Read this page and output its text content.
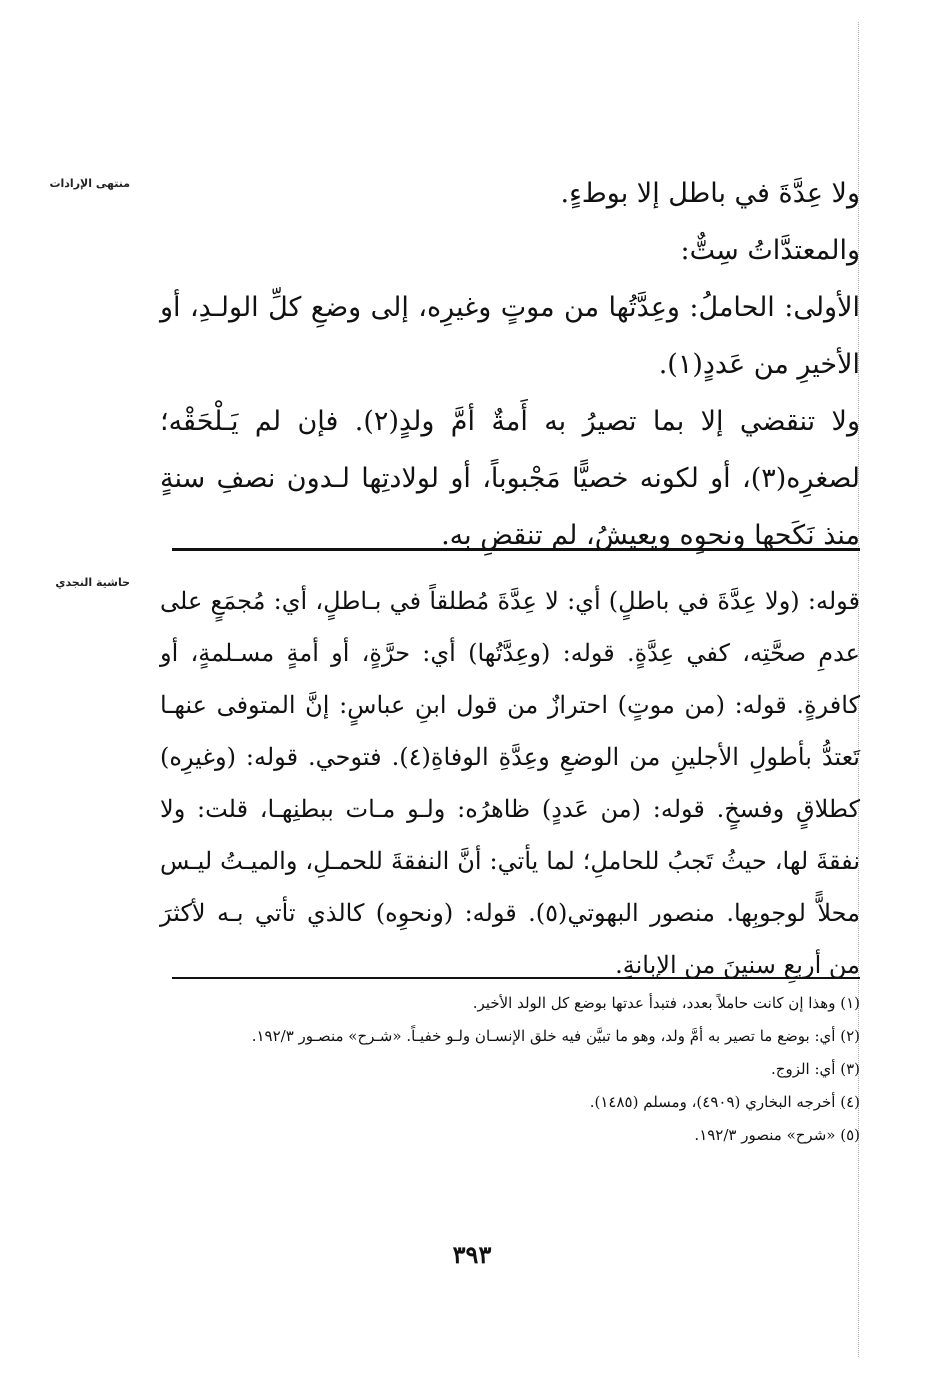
منتهى الإرادات
حاشية النجدي

ولا عِدَّةَ في باطل إلا بوطءٍ.

والمعتدَّاتُ سِتٌّ:

الأولى: الحاملُ: وعِدَّتُها من موتٍ وغيرِه، إلى وضعِ كلِّ الولـدِ، أو الأخيرِ من عَددٍ(١).

ولا تنقضي إلا بما تصيرُ به أَمةٌ أمَّ ولدٍ(٢). فإن لم يَـلْحَقْه؛ لصغرِه(٣)، أو لكونه خصيًّا مَجْبوباً، أو لولادتِها لـدون نصفِ سنةٍ منذ نَكَحها ونحوِه ويعيشُ، لم تنقضِ به.

قوله: (ولا عِدَّةَ في باطلٍ) أي: لا عِدَّةَ مُطلقاً في بـاطلٍ، أي: مُجمَعٍ على عدمِ صحَّتِه، كفي عِدَّةٍ. قوله: (وعِدَّتُها) أي: حرَّةٍ، أو أمةٍ مسـلمةٍ، أو كافرةٍ. قوله: (من موتٍ) احترازٌ من قول ابنِ عباسٍ: إنَّ المتوفى عنهـا تَعتدُّ بأطولِ الأجلينِ من الوضعِ وعِدَّةِ الوفاةِ(٤). فتوحي. قوله: (وغيرِه) كطلاقٍ وفسخٍ. قوله: (من عَددٍ) ظاهرُه: ولـو مـات ببطنِهـا، قلت: ولا نفقةَ لها، حيثُ تَجبُ للحاملِ؛ لما يأتي: أنَّ النفقةَ للحمـلِ، والميـتُ ليـس محلاًّ لوجوبِها. منصور البهوتي(٥). قوله: (ونحوِه) كالذي تأتي بـه لأكثرَ من أربعِ سنينَ من الإبانةِ.

(١) وهذا إن كانت حاملاً بعدد، فتبدأ عدتها بوضع كل الولد الأخير.

(٢) أي: بوضع ما تصير به أمَّ ولد، وهو ما تبيَّن فيه خلق الإنسـان ولـو خفيـاً. «شـرح» منصـور ١٩٢/٣.

(٣) أي: الزوج.

(٤) أخرجه البخاري (٤٩٠٩)، ومسلم (١٤٨٥).

(٥) «شرح» منصور ١٩٢/٣.

٣٩٣
